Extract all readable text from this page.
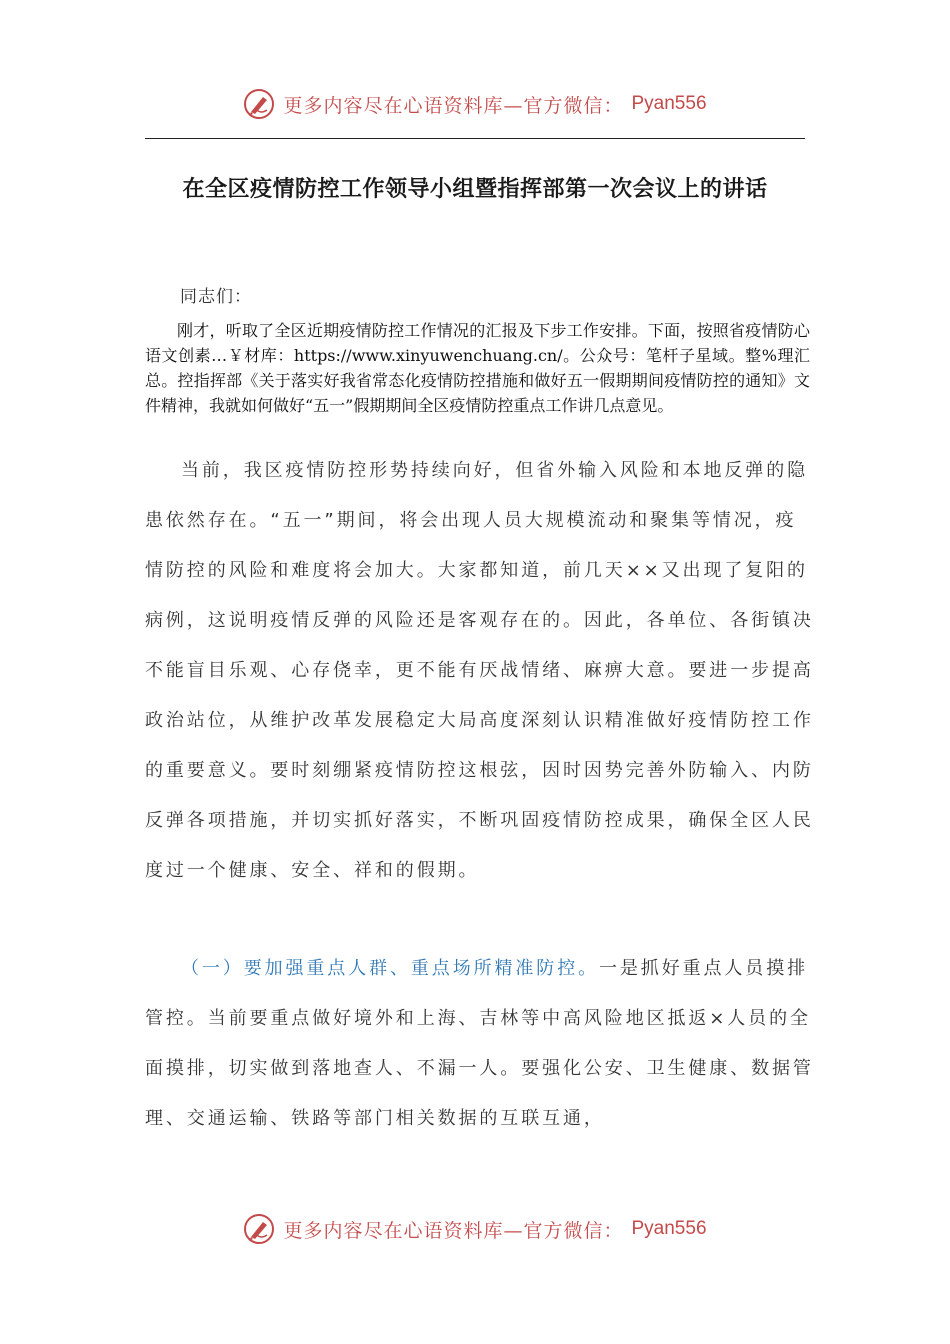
更多内容尽在心语资料库—官方微信： Pyan556
在全区疫情防控工作领导小组暨指挥部第一次会议上的讲话

同志们：

刚才，听取了全区近期疫情防控工作情况的汇报及下步工作安排。下面，按照省疫情防心语文创素…￥材库：https://www.xinyuwenchuang.cn/。公众号：笔杆子星域。整%理汇总。控指挥部《关于落实好我省常态化疫情防控措施和做好五一假期期间疫情防控的通知》文件精神，我就如何做好“五一”假期期间全区疫情防控重点工作讲几点意见。

当前，我区疫情防控形势持续向好，但省外输入风险和本地反弹的隐患依然存在。“五一”期间，将会出现人员大规模流动和聚集等情况，疫情防控的风险和难度将会加大。大家都知道，前几天××又出现了复阳的病例，这说明疫情反弹的风险还是客观存在的。因此，各单位、各街镇决不能盲目乐观、心存侥幸，更不能有厌战情绪、麻痹大意。要进一步提高政治站位，从维护改革发展稳定大局高度深刻认识精准做好疫情防控工作的重要意义。要时刻绷紧疫情防控这根弦，因时因势完善外防输入、内防反弹各项措施，并切实抓好落实，不断巩固疫情防控成果，确保全区人民度过一个健康、安全、祥和的假期。

（一）要加强重点人群、重点场所精准防控。一是抓好重点人员摸排管控。当前要重点做好境外和上海、吉林等中高风险地区抵返×人员的全面摸排，切实做到落地查人、不漏一人。要强化公安、卫生健康、数据管理、交通运输、铁路等部门相关数据的互联互通，

更多内容尽在心语资料库—官方微信： Pyan556
